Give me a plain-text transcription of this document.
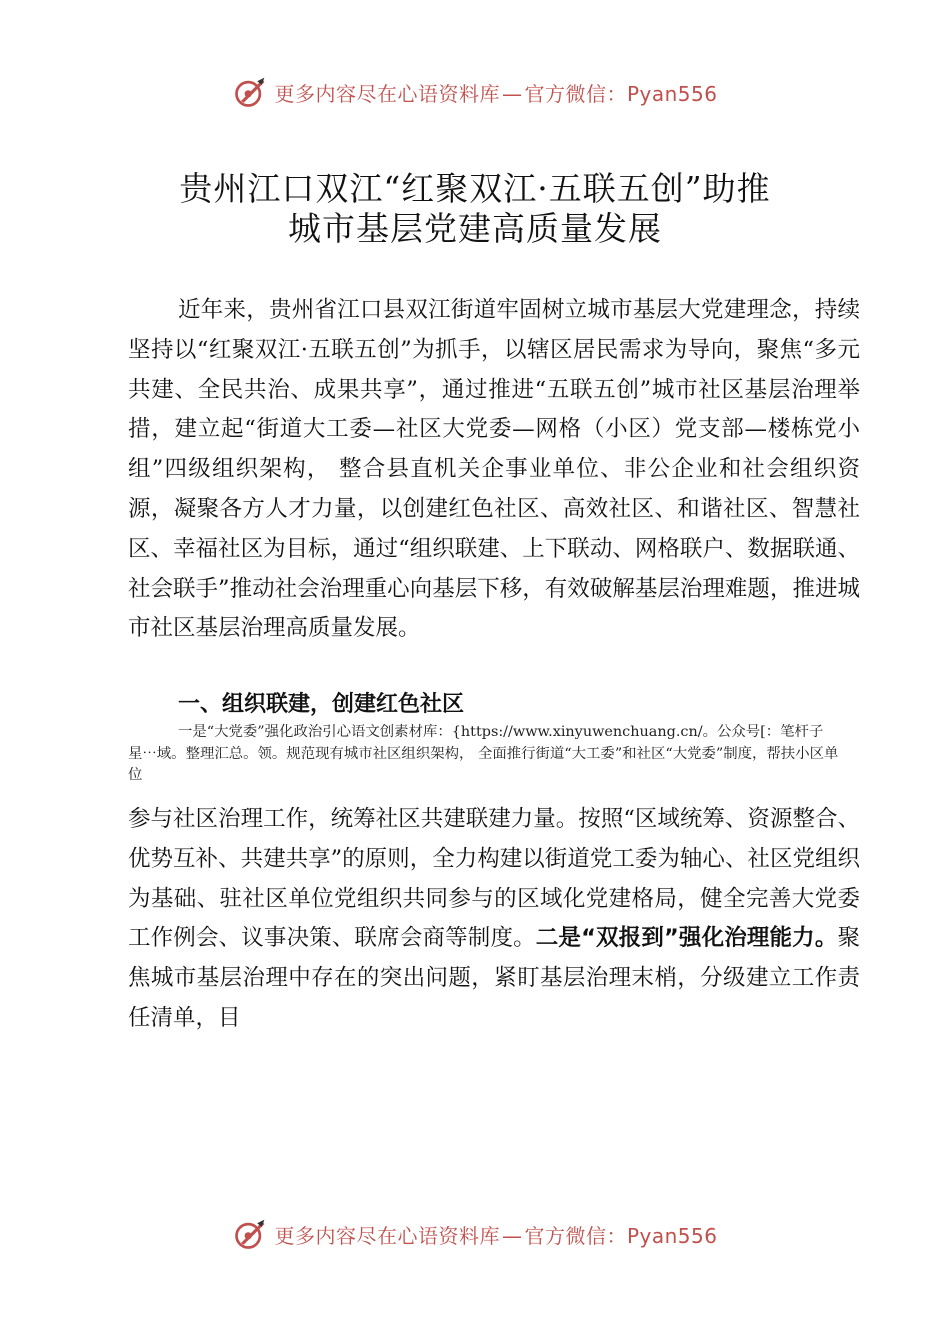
更多内容尽在心语资料库 — 官方微信：Pyan556
贵州江口双江“红聚双江·五联五创”助推
城市基层党建高质量发展
近年来，贵州省江口县双江街道牢固树立城市基层大党建理念，持续坚持以“红聚双江·五联五创”为抓手，以辖区居民需求为导向，聚焦“多元共建、全民共治、成果共享”，通过推进“五联五创”城市社区基层治理举措，建立起“街道大工委—社区大党委—网格（小区）党支部—楼栋党小组”四级组织架构， 整合县直机关企事业单位、非公企业和社会组织资源，凝聚各方人才力量，以创建红色社区、高效社区、和谐社区、智慧社区、幸福社区为目标，通过“组织联建、上下联动、网格联户、数据联通、社会联手”推动社会治理重心向基层下移，有效破解基层治理难题，推进城市社区基层治理高质量发展。
一、组织联建，创建红色社区
一是“大党委”强化政治引心语文创素材库：{https://www.xinyuwenchuang.cn/。公众号[：笔杆子星⋯域。整理汇总。领。规范现有城市社区组织架构， 全面推行街道“大工委”和社区“大党委”制度，帮扶小区单位
参与社区治理工作，统筹社区共建联建力量。按照“区域统筹、资源整合、优势互补、共建共享”的原则，全力构建以街道党工委为轴心、社区党组织为基础、驻社区单位党组织共同参与的区域化党建格局，健全完善大党委工作例会、议事决策、联席会商等制度。二是“双报到”强化治理能力。聚焦城市基层治理中存在的突出问题，紧盯基层治理末梢，分级建立工作责任清单，目
更多内容尽在心语资料库 — 官方微信：Pyan556
